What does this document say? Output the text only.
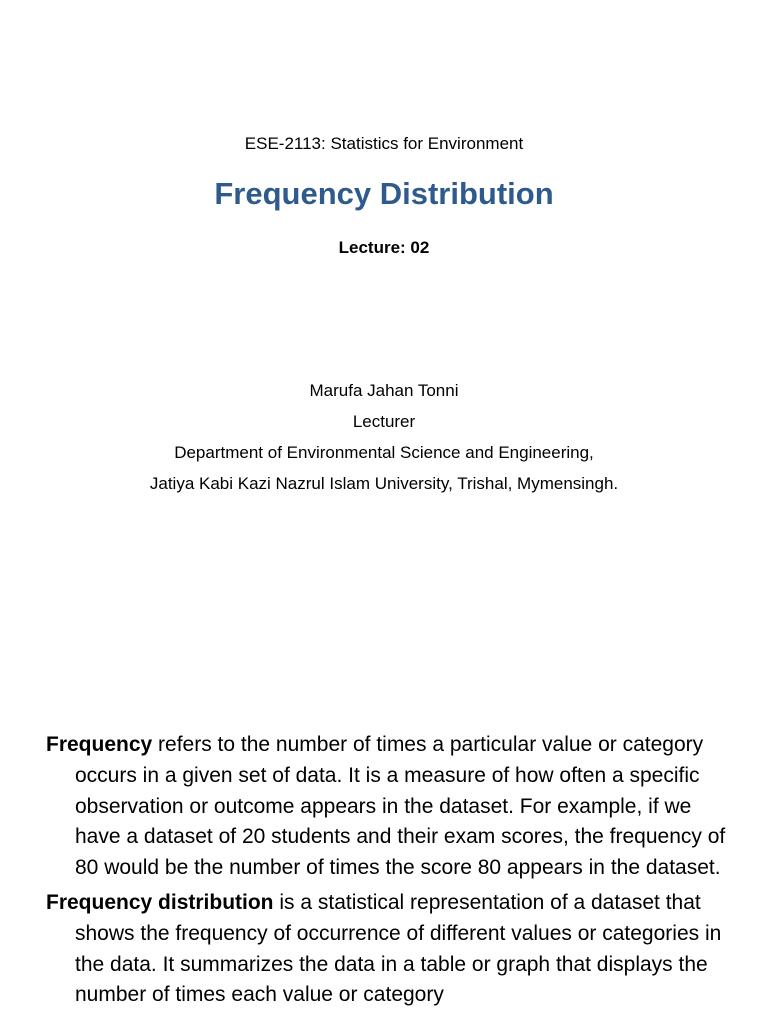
ESE-2113: Statistics for Environment
Frequency Distribution
Lecture: 02
Marufa Jahan Tonni
Lecturer
Department of Environmental Science and Engineering,
Jatiya Kabi Kazi Nazrul Islam University, Trishal, Mymensingh.

Frequency refers to the number of times a particular value or category occurs in a given set of data. It is a measure of how often a specific observation or outcome appears in the dataset. For example, if we have a dataset of 20 students and their exam scores, the frequency of 80 would be the number of times the score 80 appears in the dataset.

Frequency distribution is a statistical representation of a dataset that shows the frequency of occurrence of different values or categories in the data. It summarizes the data in a table or graph that displays the number of times each value or category
